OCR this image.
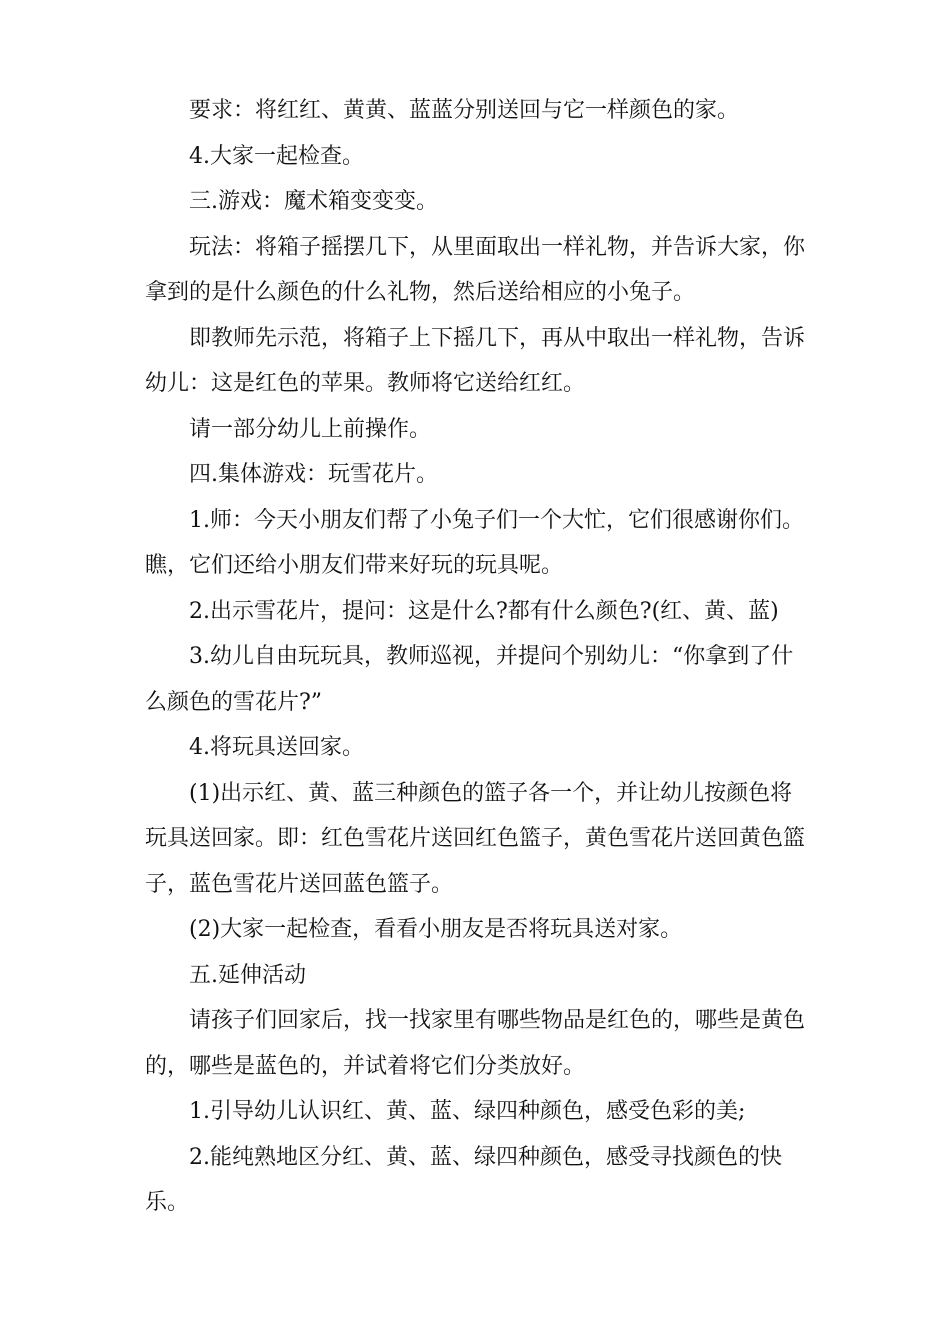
要求：将红红、黄黄、蓝蓝分别送回与它一样颜色的家。

4.大家一起检查。

三.游戏：魔术箱变变变。

玩法：将箱子摇摆几下，从里面取出一样礼物，并告诉大家，你拿到的是什么颜色的什么礼物，然后送给相应的小兔子。

即教师先示范，将箱子上下摇几下，再从中取出一样礼物，告诉幼儿：这是红色的苹果。教师将它送给红红。

请一部分幼儿上前操作。

四.集体游戏：玩雪花片。

1.师：今天小朋友们帮了小兔子们一个大忙，它们很感谢你们。瞧，它们还给小朋友们带来好玩的玩具呢。

2.出示雪花片，提问：这是什么?都有什么颜色?(红、黄、蓝)

3.幼儿自由玩玩具，教师巡视，并提问个别幼儿：“你拿到了什么颜色的雪花片?”

4.将玩具送回家。

(1)出示红、黄、蓝三种颜色的篮子各一个，并让幼儿按颜色将玩具送回家。即：红色雪花片送回红色篮子，黄色雪花片送回黄色篮子，蓝色雪花片送回蓝色篮子。

(2)大家一起检查，看看小朋友是否将玩具送对家。

五.延伸活动

请孩子们回家后，找一找家里有哪些物品是红色的，哪些是黄色的，哪些是蓝色的，并试着将它们分类放好。

1.引导幼儿认识红、黄、蓝、绿四种颜色，感受色彩的美;

2.能纯熟地区分红、黄、蓝、绿四种颜色，感受寻找颜色的快乐。
